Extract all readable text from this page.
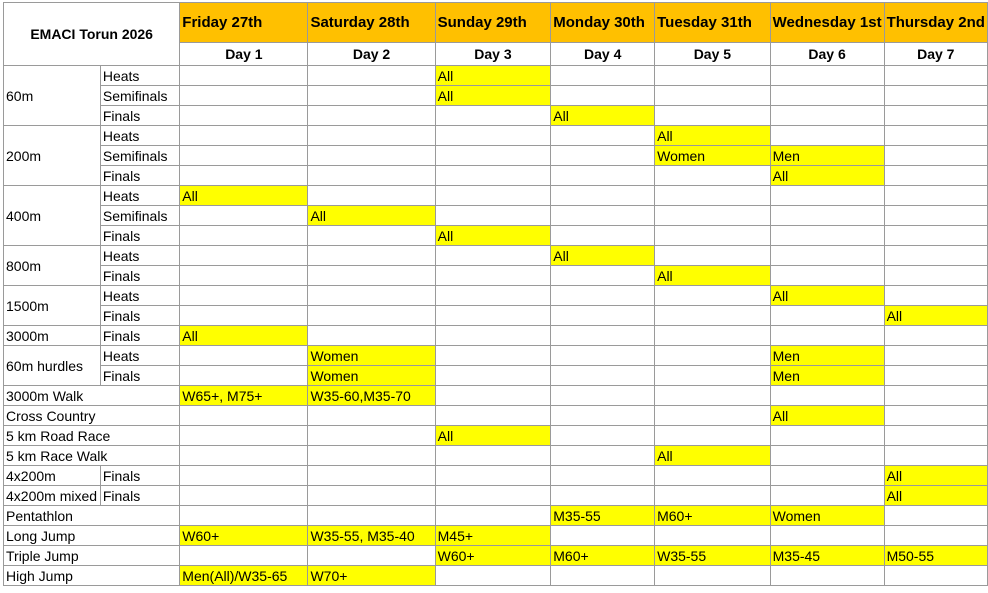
EMACI Torun 2026		Friday 27th	Saturday 28th	Sunday 29th	Monday 30th	Tuesday 31th	Wednesday 1st	Thursday 2nd
		Day 1	Day 2	Day 3	Day 4	Day 5	Day 6	Day 7
60m	Heats			All				
	Semifinals			All				
	Finals				All			
200m	Heats					All		
	Semifinals					Women	Men	
	Finals						All	
400m	Heats	All						
	Semifinals		All					
	Finals			All				
800m	Heats				All			
	Finals					All		
1500m	Heats						All	
	Finals							All
3000m	Finals	All						
60m hurdles	Heats		Women				Men	
	Finals		Women				Men	
3000m Walk		W65+, M75+	W35-60,M35-70					
Cross Country							All	
5 km Road Race				All				
5 km Race Walk						All		
4x200m	Finals							All
4x200m mixed	Finals							All
Pentathlon					M35-55	M60+	Women	
Long Jump		W60+	W35-55, M35-40	M45+				
Triple Jump				W60+	M60+	W35-55	M35-45	M50-55
High Jump		Men(All)/W35-65	W70+					
